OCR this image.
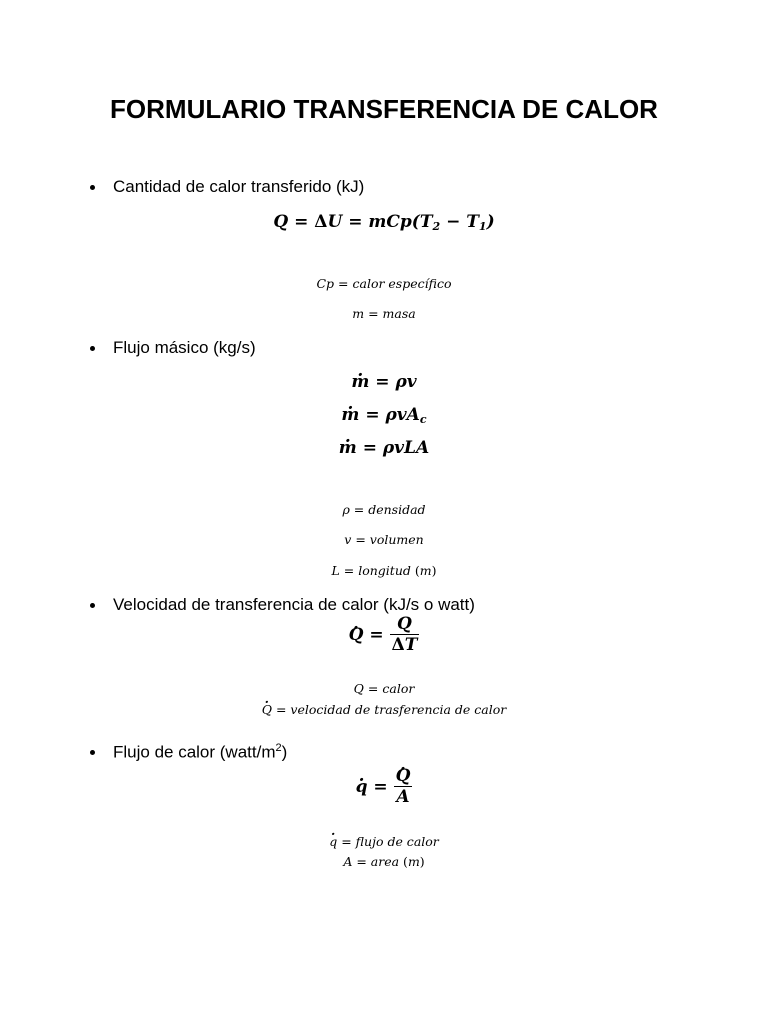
FORMULARIO TRANSFERENCIA DE CALOR
Cantidad de calor transferido (kJ)
$Q = \Delta U = mCp(T_2 - T_1)$
Cp = calor específico
m = masa
Flujo másico (kg/s)
. m = ρv
. m = ρvA$_c$
. m = ρvLA
ρ = densidad
v = volumen
L = longitud (m)
Velocidad de transferencia de calor (kJ/s o watt)
. Q
=
$\frac{Q}{\Delta T}$
Q = calor
. Q = velocidad de trasferencia de calor
Flujo de calor $(watt/m^2)$
. q
=

. $\frac{Q}{A}$
. q = flujo de calor
A = area (m)
